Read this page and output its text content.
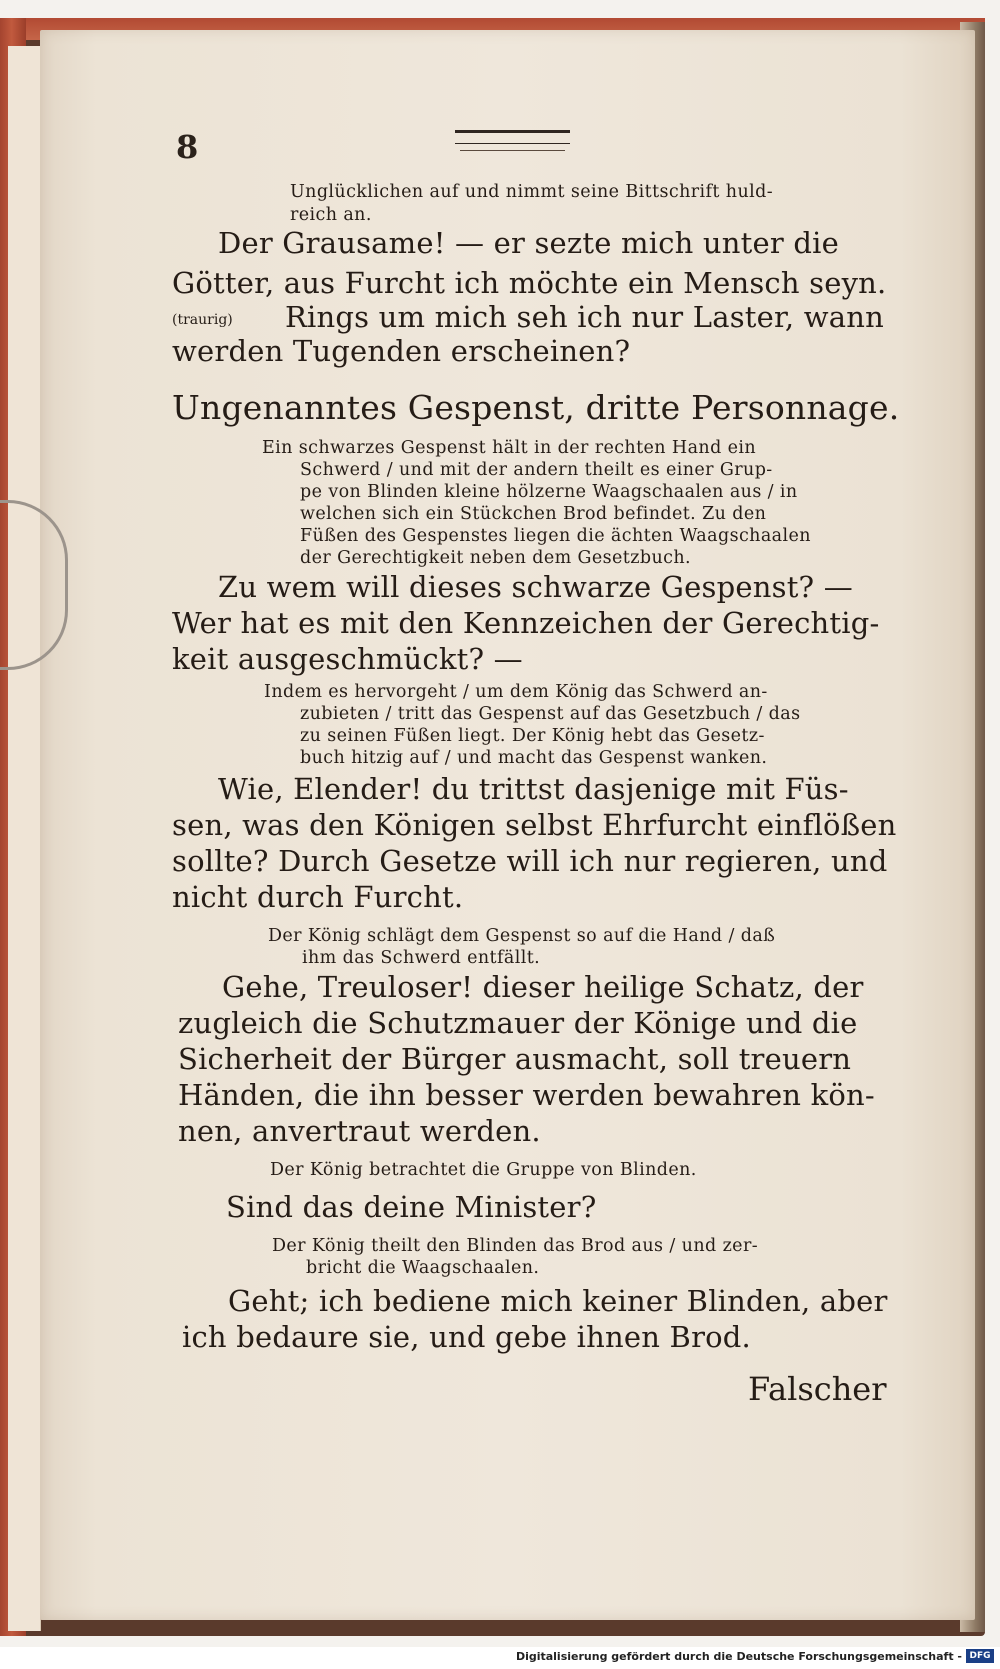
8
Unglücklichen auf und nimmt seine Bittschrift huld-
reich an.
Der Grausame! — er sezte mich unter die
Götter, aus Furcht ich möchte ein Mensch seyn.
(traurig) Rings um mich seh ich nur Laster, wann
werden Tugenden erscheinen?
Ungenanntes Gespenst, dritte Personnage.
Ein schwarzes Gespenst hält in der rechten Hand ein
Schwerd / und mit der andern theilt es einer Grup-
pe von Blinden kleine hölzerne Waagschaalen aus / in
welchen sich ein Stückchen Brod befindet. Zu den
Füßen des Gespenstes liegen die ächten Waagschaalen
der Gerechtigkeit neben dem Gesetzbuch.
Zu wem will dieses schwarze Gespenst? —
Wer hat es mit den Kennzeichen der Gerechtig-
keit ausgeschmückt? —
Indem es hervorgeht / um dem König das Schwerd an-
zubieten / tritt das Gespenst auf das Gesetzbuch / das
zu seinen Füßen liegt. Der König hebt das Gesetz-
buch hitzig auf / und macht das Gespenst wanken.
Wie, Elender! du trittst dasjenige mit Füs-
sen, was den Königen selbst Ehrfurcht einflößen
sollte? Durch Gesetze will ich nur regieren, und
nicht durch Furcht.
Der König schlägt dem Gespenst so auf die Hand / daß
ihm das Schwerd entfällt.
Gehe, Treuloser! dieser heilige Schatz, der
zugleich die Schutzmauer der Könige und die
Sicherheit der Bürger ausmacht, soll treuern
Händen, die ihn besser werden bewahren kön-
nen, anvertraut werden.
Der König betrachtet die Gruppe von Blinden.
Sind das deine Minister?
Der König theilt den Blinden das Brod aus / und zer-
bricht die Waagschaalen.
Geht; ich bediene mich keiner Blinden, aber
ich bedaure sie, und gebe ihnen Brod.
Falscher
Digitalisierung gefördert durch die Deutsche Forschungsgemeinschaft - DFG
